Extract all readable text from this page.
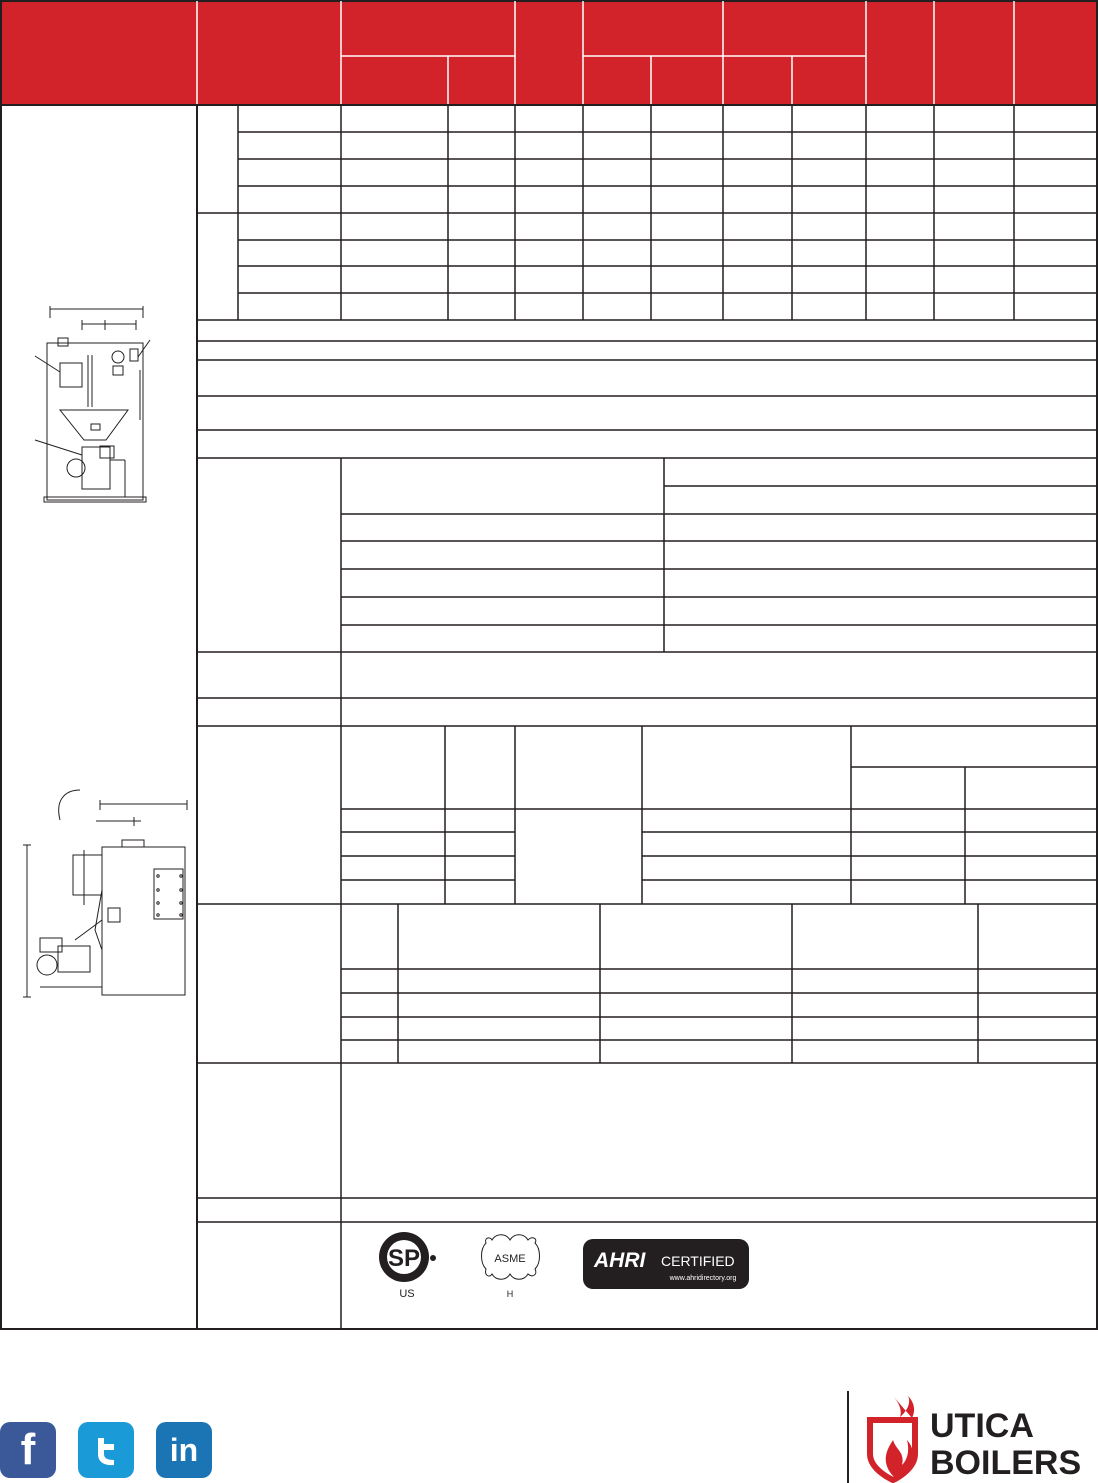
SP
US
ASME
H
AHRI CERTIFIED
www.ahridirectory.org
UTICA
BOILERS
f	in
